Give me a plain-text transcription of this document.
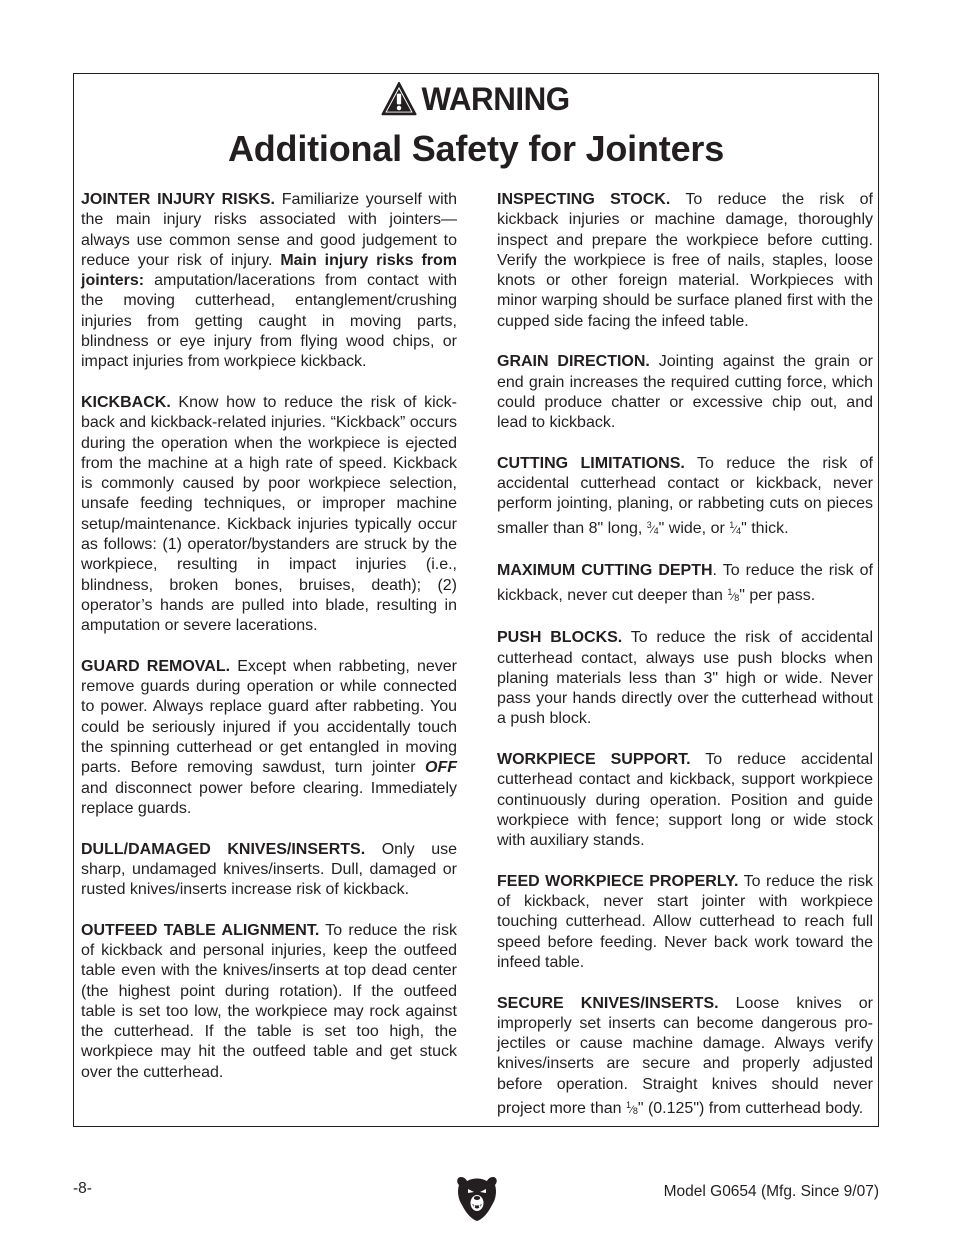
WARNING
Additional Safety for Jointers

JOINTER INJURY RISKS. Familiarize yourself with the main injury risks associated with jointers—always use common sense and good judgement to reduce your risk of injury. Main injury risks from jointers: amputation/lacerations from contact with the moving cutterhead, entanglement/crushing injuries from getting caught in moving parts, blindness or eye injury from flying wood chips, or impact injuries from workpiece kickback.

KICKBACK. Know how to reduce the risk of kickback and kickback-related injuries. “Kickback” occurs during the operation when the workpiece is ejected from the machine at a high rate of speed. Kickback is commonly caused by poor workpiece selection, unsafe feeding techniques, or improper machine setup/maintenance. Kickback injuries typically occur as follows: (1) operator/bystanders are struck by the workpiece, resulting in impact injuries (i.e., blindness, broken bones, bruises, death); (2) operator’s hands are pulled into blade, resulting in amputation or severe lacerations.

GUARD REMOVAL. Except when rabbeting, never remove guards during operation or while connected to power. Always replace guard after rabbeting. You could be seriously injured if you accidentally touch the spinning cutterhead or get entangled in moving parts. Before removing sawdust, turn jointer OFF and disconnect power before clearing. Immediately replace guards.

DULL/DAMAGED KNIVES/INSERTS. Only use sharp, undamaged knives/inserts. Dull, damaged or rusted knives/inserts increase risk of kickback.

OUTFEED TABLE ALIGNMENT. To reduce the risk of kickback and personal injuries, keep the outfeed table even with the knives/inserts at top dead center (the highest point during rotation). If the outfeed table is set too low, the workpiece may rock against the cutterhead. If the table is set too high, the workpiece may hit the outfeed table and get stuck over the cutterhead.

INSPECTING STOCK. To reduce the risk of kickback injuries or machine damage, thoroughly inspect and prepare the workpiece before cutting. Verify the workpiece is free of nails, staples, loose knots or other foreign material. Workpieces with minor warping should be surface planed first with the cupped side facing the infeed table.

GRAIN DIRECTION. Jointing against the grain or end grain increases the required cutting force, which could produce chatter or excessive chip out, and lead to kickback.

CUTTING LIMITATIONS. To reduce the risk of accidental cutterhead contact or kickback, never perform jointing, planing, or rabbeting cuts on pieces smaller than 8" long, $^3⁄_4$" wide, or $^1⁄_4$" thick.

MAXIMUM CUTTING DEPTH. To reduce the risk of kickback, never cut deeper than $^1⁄_8$" per pass.

PUSH BLOCKS. To reduce the risk of accidental cutterhead contact, always use push blocks when planing materials less than 3" high or wide. Never pass your hands directly over the cutterhead without a push block.

WORKPIECE SUPPORT. To reduce accidental cutterhead contact and kickback, support workpiece continuously during operation. Position and guide workpiece with fence; support long or wide stock with auxiliary stands.

FEED WORKPIECE PROPERLY. To reduce the risk of kickback, never start jointer with workpiece touching cutterhead. Allow cutterhead to reach full speed before feeding. Never back work toward the infeed table.

SECURE KNIVES/INSERTS. Loose knives or improperly set inserts can become dangerous projectiles or cause machine damage. Always verify knives/inserts are secure and properly adjusted before operation. Straight knives should never project more than $^1⁄_8$" (0.125") from cutterhead body.

-8-	Model G0654 (Mfg. Since 9/07)
